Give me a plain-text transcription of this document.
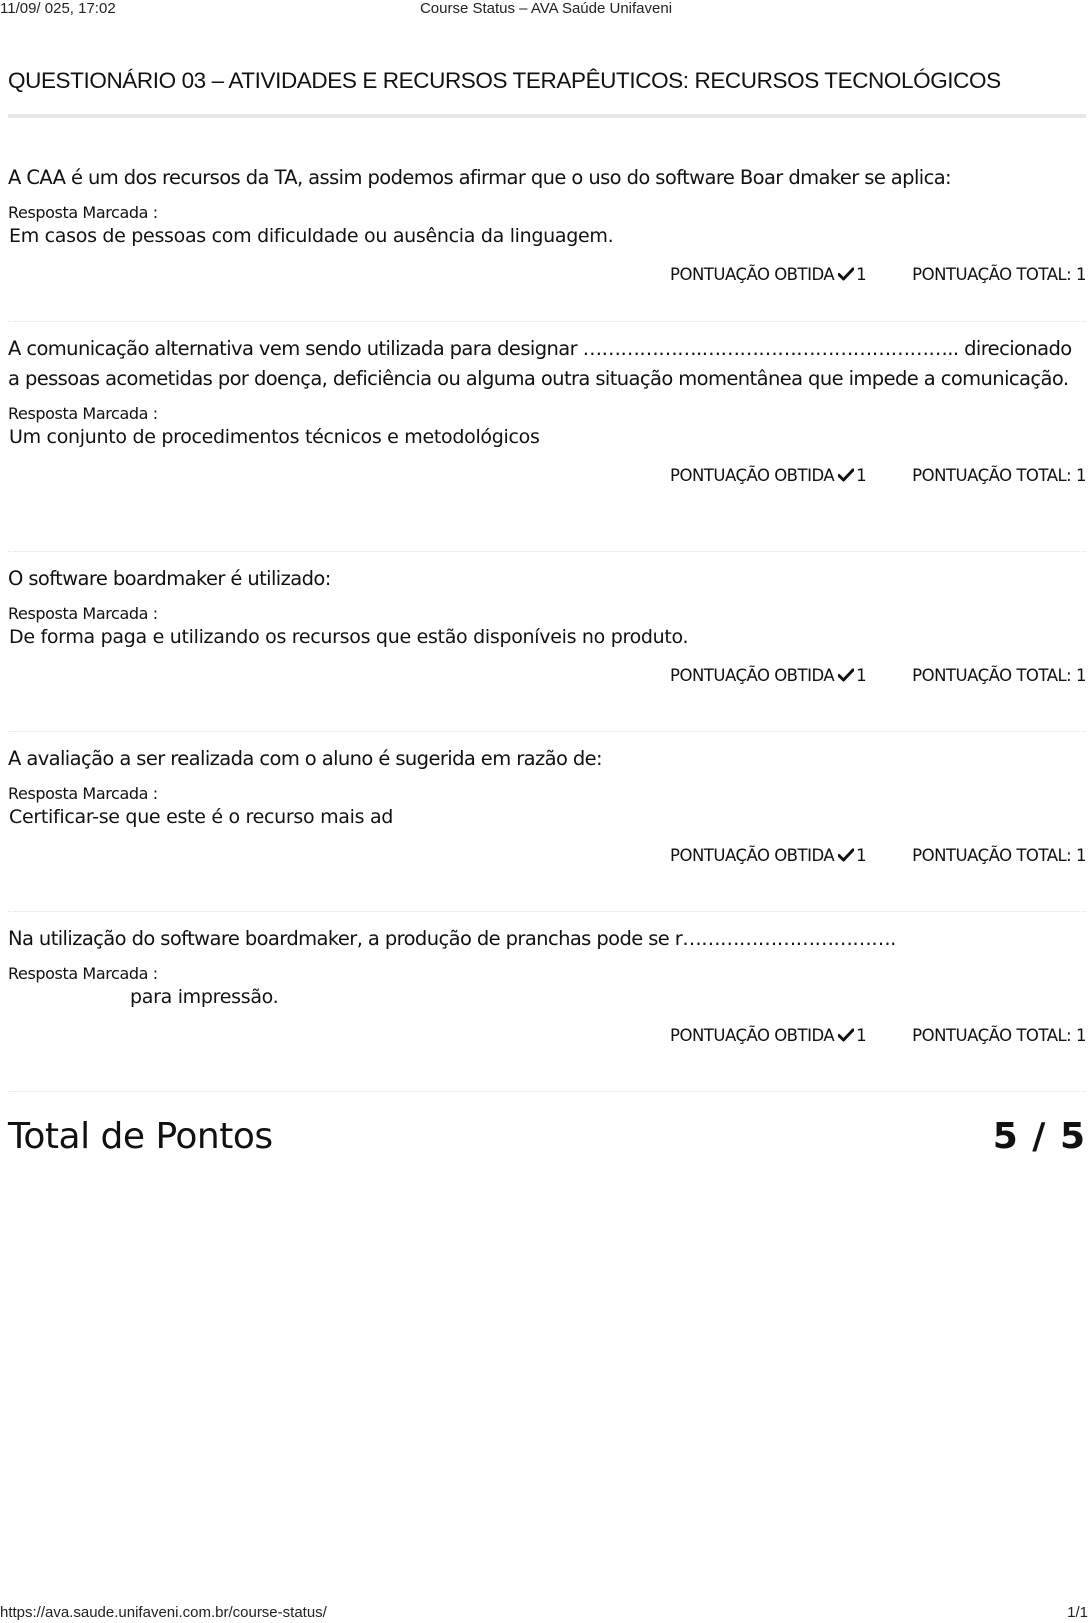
11/09/ 025, 17:02	Course Status – AVA Saúde Unifaveni
QUESTIONÁRIO 03 – ATIVIDADES E RECURSOS TERAPÊUTICOS: RECURSOS TECNOLÓGICOS
A CAA é um dos recursos da TA, assim podemos afirmar que o uso do software Boar dmaker se aplica:
Resposta Marcada :
Em casos de pessoas com dificuldade ou ausência da linguagem.
PONTUAÇÃO OBTIDA 1	PONTUAÇÃO TOTAL: 1
A comunicação alternativa vem sendo utilizada para designar ……………….………………………………….. direcionado a pessoas acometidas por doença, deficiência ou alguma outra situação momentânea que impede a comunicação.
Resposta Marcada :
Um conjunto de procedimentos técnicos e metodológicos
PONTUAÇÃO OBTIDA 1	PONTUAÇÃO TOTAL: 1
O software boardmaker é utilizado:
Resposta Marcada :
De forma paga e utilizando os recursos que estão disponíveis no produto.
PONTUAÇÃO OBTIDA 1	PONTUAÇÃO TOTAL: 1
A avaliação a ser realizada com o aluno é sugerida em razão de:
Resposta Marcada :
Certificar-se que este é o recurso mais ad
PONTUAÇÃO OBTIDA 1	PONTUAÇÃO TOTAL: 1
Na utilização do software boardmaker, a produção de pranchas pode se r…………………………….
Resposta Marcada :
para impressão.
PONTUAÇÃO OBTIDA 1	PONTUAÇÃO TOTAL: 1
Total de Pontos	5 / 5
https://ava.saude.unifaveni.com.br/course-status/	1/1
